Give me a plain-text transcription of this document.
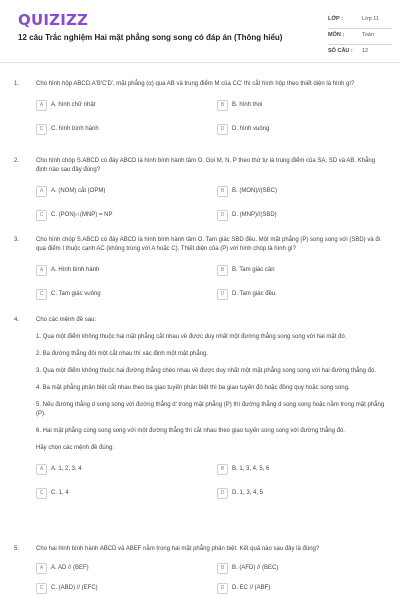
QUIZIZZ
12 câu Trắc nghiệm Hai mặt phẳng song song có đáp án (Thông hiểu)
LỚP :	Lớp 11
MÔN :	Toán
SỐ CÂU : 12
1.	Cho hình hộp ABCD.A'B'C'D', mặt phẳng (α) qua AB và trung điểm M của CC' thì cắt hình hộp theo thiết diện là hình gì?
A A. hình chữ nhật	B B. hình thoi
C C. hình bình hành	D D. hình vuông
2.	Cho hình chóp S.ABCD có đáy ABCD là hình bình hành tâm O. Gọi M, N, P theo thứ tự là trung điểm của SA, SD và AB. Khẳng định nào sau đây đúng?
A A. (NOM) cắt (OPM)	B B. (MON)//(SBC)
C C. (PON)∩(MNP) = NP	D D. (MNP)//(SBD)
3.	Cho hình chóp S.ABCD có đáy ABCD là hình bình hành tâm O. Tam giác SBD đều. Một mặt phẳng (P) song song với (SBD) và đi qua điểm I thuộc cạnh AC (không trùng với A hoặc C). Thiết diện của (P) với hình chóp là hình gì?
A A. Hình bình hành	B B. Tam giác cân
C C. Tam giác vuông	D D. Tam giác đều.
4.	Cho các mệnh đề sau:
1. Qua một điểm không thuộc hai mặt phẳng cắt nhau về được duy nhất một đường thẳng song song với hai mặt đó.
2. Ba đường thẳng đôi một cắt nhau thì xác định một mặt phẳng.
3. Qua một điểm không thuộc hai đường thẳng chéo nhau về được duy nhất một mặt phẳng song song với hai đường thẳng đó.
4. Ba mặt phẳng phân biệt cắt nhau theo ba giao tuyến phân biệt thì ba giao tuyến đó hoặc đồng quy hoặc song song.
5. Nếu đường thẳng d song song với đường thẳng d' trong mặt phẳng (P) thì đường thẳng d song song hoặc nằm trong mặt phẳng (P).
6. Hai mặt phẳng cùng song song với một đường thẳng thì cắt nhau theo giao tuyến song song với đường thẳng đó.
Hãy chọn các mệnh đề đúng:
A A. 1, 2, 3, 4	B B. 1, 3, 4, 5, 6
C C. 1, 4	D D. 1, 3, 4, 5
5.	Cho hai hình bình hành ABCD và ABEF nằm trong hai mặt phẳng phân biệt. Kết quả nào sau đây là đúng?
A A. AD // (BEF)	B B. (AFD) // (BEC)
C C. (ABD) // (EFC)	D D. EC // (ABF)
